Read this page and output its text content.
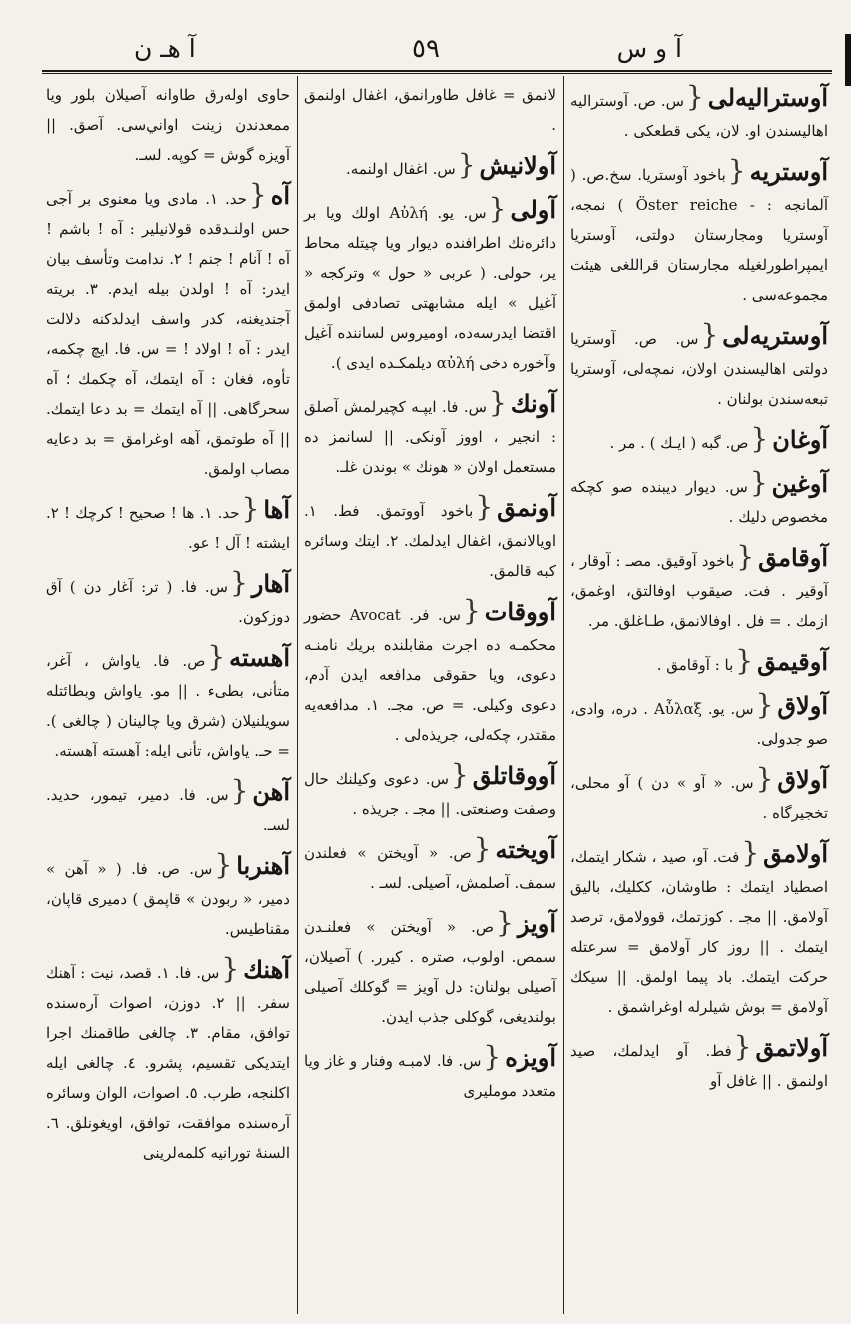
آ و س
٥٩
آ هـ ن
آوستراليه‌لی{س. ص. آوستراليه اهاليسندن او‌. لان، يكی قطعكی .
آوستريه{باخود آوستريا. سخ.ص. ( آلمانجه : - Öster reiche ) نمجه، آوستريا ومجارستان دولتی، آوستريا ايمپراطورلغيله مجارستان قراللغی هيئت مجموعه‌سی .
آوستريه‌لی{س. ص. آوستريا دولتی اهاليسندن اولان، نمچه‌لی، آوستريا تبعه‌سندن بولنان .
آوغان{ص. گبه ( ايـك ) . مر .
آوغين{س. ديوار ديبنده صو كچكه مخصوص دليك .
آوقامق{باخود آوقيق. مصـ : آوقار ، آوقير . فت. صيقوب اوفالتق، اوغمق، ازمك . = فل . اوفالانمق، طـاغلق. مر.
آوقيمق{با : آوقامق .
آولاق{س. يو. Αὖλαξ . دره، وادی، صو جدولی.
آولاق{س. « آو » دن ) آو محلی، تخجيرگاه .
آولامق{فت. آو، صيد ، شكار ايتمك، اصطياد ايتمك : طاوشان، ككليك، باليق آولامق. || مجـ . كوزتمك، قوولامق، ترصد ايتمك . || روز كار آولامق = سرعتله حركت ايتمك. باد پيما اولمق. || سيكك آولامق = بوش شيلرله اوغراشمق .
آولاتمق{فط. آو ايدلمك، صيد اولنمق . || غافل آو‌
لانمق = غافل طاورانمق، اغفال اولنمق .
آولانيش{س. اغفال اولنمه.
آولی{س. يو. Αὐλή اولك ويا بر دائره‌نك اطرافنده ديوار ويا چيتله محاط ير، حولی. ( عربی « حول » وتركجه « آغيل » ايله مشابهتی تصادفی اولمق اقتضا ايدرسه‌ده، اوميروس لساننده آغيل وآخوره دخی αὐλή ديلمكـده ايدی ).
آونك{س. فا. ايپـه كچيرلمش آصلق : انجير ، اووز آونكی. || لسانمز ده مستعمل اولان « هونك » بوندن غلـ.
آونمق{باخود آووتمق. فط. ١. اويالانمق، اغفال ايدلمك. ٢. ايتك وسائره كبه قالمق.
آووقات{س. فر. Avocat حضور محكمـه ده اجرت مقابلنده بريك نامنـه دعوی، ويا حقوقی مدافعه ايدن آدم، دعوی وكيلی. = ص. مجـ. ١. مدافعه‌يه مقتدر، چكه‌لی، جريذه‌لی .
آووقاتلق{س. دعوی وكيلنك حال وصفت وصنعتی. || مجـ . جريذه .
آويخته{ص. « آويختن » فعلندن سمف. آصلمش، آصيلی. لسـ .
آويز{ص. « آويختن » فعلنـدن سمص. اولوب، صتره . كيرر. ) آصيلان، آصيلی بولنان: دل آويز = گوكلك آصيلی بو‌لنديغی، گوكلی جذب ايدن.
آويزه{س. فا. لامبـه وفنار و غاز ويا متعدد مومليری
حاوی اوله‌رق طاوانه آصيلان بلور ويا ممعدندن زينت اواني‌سی. آصق. || آويزه گوش = كوپه. لسـ.
آه{حد. ١. مادی ويا معنوی بر آجی حس اولنـدقده قولانيلير : آه ! باشم ! آه ! آنام ! جنم ! ٢. ندامت وتأسف بيان ايدر: آه ! اولدن بيله ايدم. ٣. بريته آجنديغنه، كدر واسف ايدلدكنه دلالت ايدر : آه ! اولاد ! = س. فا. ايچ چكمه، تأوه، فغان : آه ايتمك، آه چكمك ؛ آه سحرگاهی. || آه ايتمك = بد دعا ايتمك. || آه طوتمق، آهه اوغرامق = بد دعايه مصاب اولمق.
آها{حد. ١. ها ! صحيح ! كرچك ! ٢. ايشته ! آل ! عو.
آهار{س. فا. ( تر: آغار دن ) آق دوزكون.
آهسته{ص. فا. ياواش ، آغر، متأنی، بطیء . || مو. ياواش وبطائتله سويلنيلان (شرق ويا چالينان ( چالغی ). = حـ. ياواش، تأنی ايله: آهسته آهسته.
آهن{س. فا. دمير، تيمور، حديد. لسـ.
آهنربا{س. ص. فا. ( « آهن » دمير، « ربودن » قاپمق ) دميری قاپان، مقناطيس.
آهنك{س. فا. ١. قصد، نيت : آهنك سفر. || ٢. دوزن، اصوات آره‌سنده توافق، مقام. ٣. چالغی طاقمنك اجرا ايتديكی تقسيم، پشرو. ٤. چالغی ايله اكلنجه، طرب. ٥. اصوات، الوان وسائره آره‌سنده موافقت، توافق، اويغونلق. ٦. السنهٔ تورانيه كلمه‌لرينی
